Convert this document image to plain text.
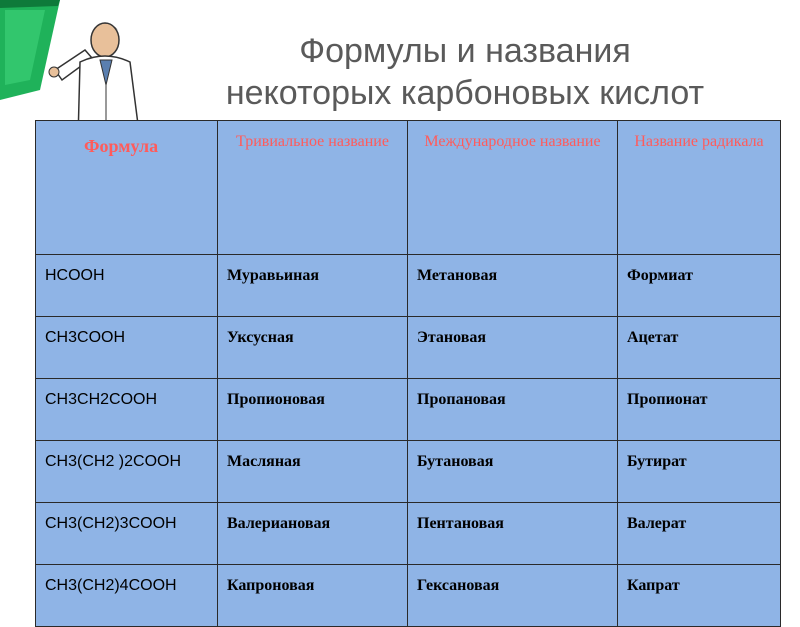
Формулы и названия
некоторых карбоновых кислот
Формула	Тривиальное название	Международное название	Название радикала
HCOOH	Муравьиная	Метановая	Формиат
CH3COOH	Уксусная	Этановая	Ацетат
CH3CH2COOH	Пропионовая	Пропановая	Пропионат
CH3(CH2 )2COOH	Масляная	Бутановая	Бутират
CH3(CH2)3COOH	Валериановая	Пентановая	Валерат
CH3(CH2)4COOH	Капроновая	Гексановая	Капрат
